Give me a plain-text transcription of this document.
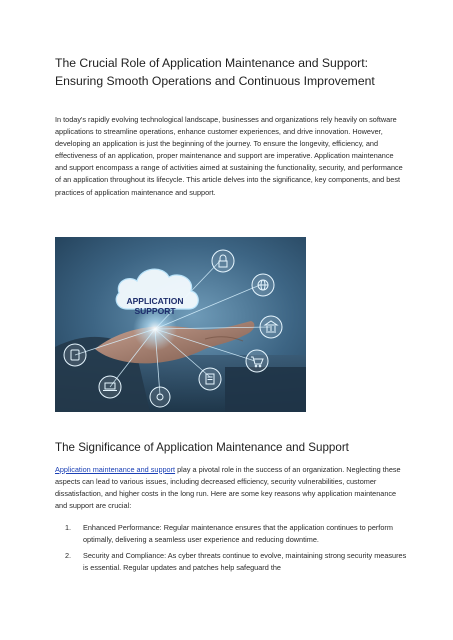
The Crucial Role of Application Maintenance and Support: Ensuring Smooth Operations and Continuous Improvement

In today's rapidly evolving technological landscape, businesses and organizations rely heavily on software applications to streamline operations, enhance customer experiences, and drive innovation. However, developing an application is just the beginning of the journey. To ensure the longevity, efficiency, and effectiveness of an application, proper maintenance and support are imperative. Application maintenance and support encompass a range of activities aimed at sustaining the functionality, security, and performance of an application throughout its lifecycle. This article delves into the significance, key components, and best practices of application maintenance and support.

APPLICATION
SUPPORT
The Significance of Application Maintenance and Support

Application maintenance and support play a pivotal role in the success of an organization. Neglecting these aspects can lead to various issues, including decreased efficiency, security vulnerabilities, customer dissatisfaction, and higher costs in the long run. Here are some key reasons why application maintenance and support are crucial:

1. Enhanced Performance: Regular maintenance ensures that the application continues to perform optimally, delivering a seamless user experience and reducing downtime.
2. Security and Compliance: As cyber threats continue to evolve, maintaining strong security measures is essential. Regular updates and patches help safeguard the
